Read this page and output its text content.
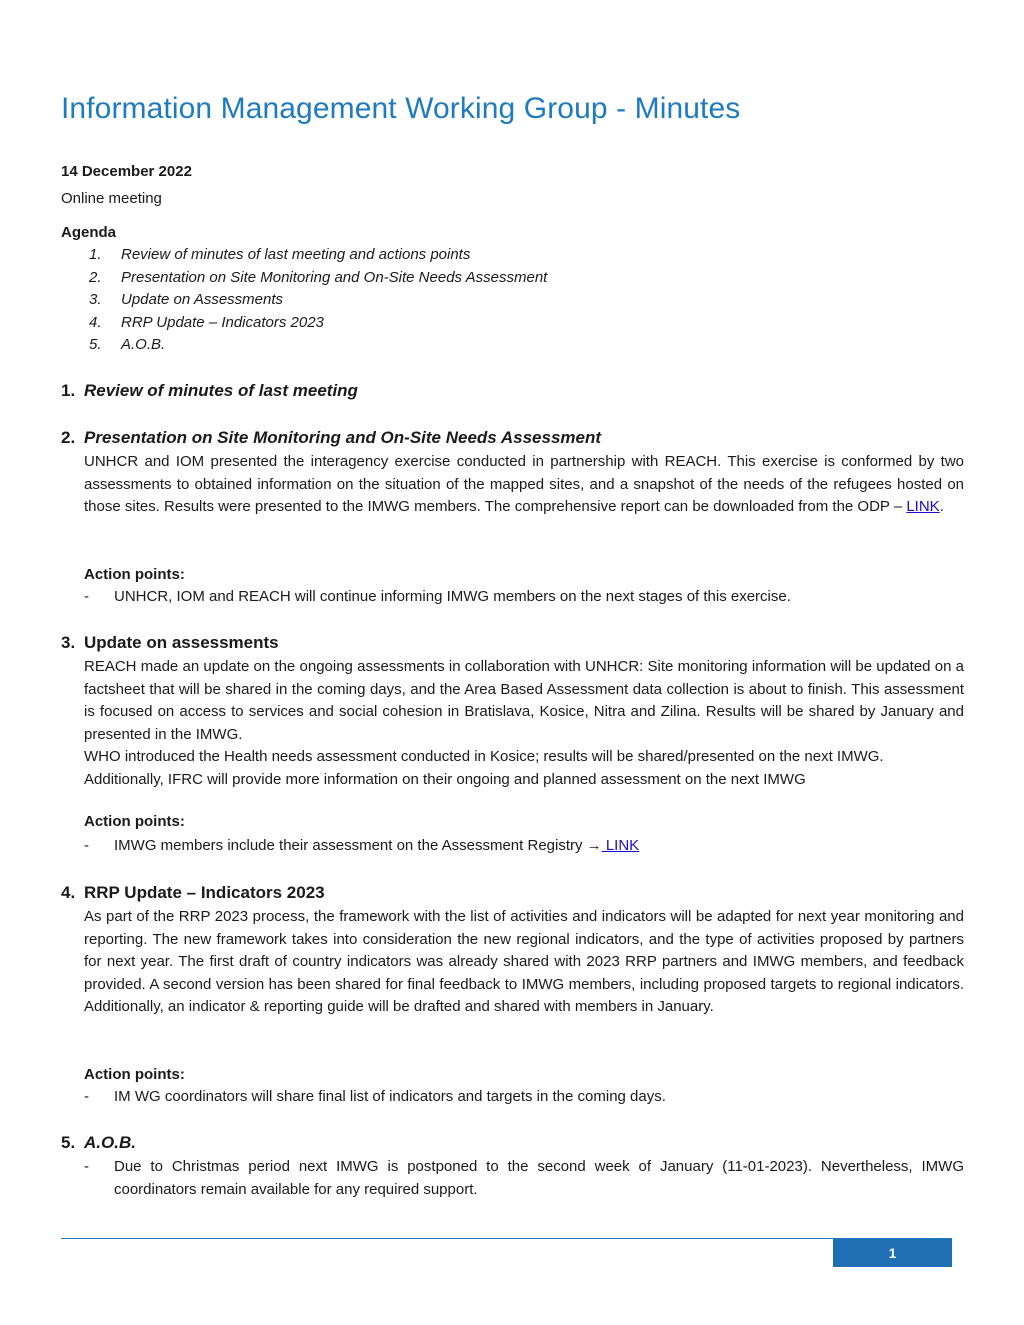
Information Management Working Group - Minutes
14 December 2022
Online meeting
Agenda
1. Review of minutes of last meeting and actions points
2. Presentation on Site Monitoring and On-Site Needs Assessment
3. Update on Assessments
4. RRP Update – Indicators 2023
5. A.O.B.
1. Review of minutes of last meeting
2. Presentation on Site Monitoring and On-Site Needs Assessment
UNHCR and IOM presented the interagency exercise conducted in partnership with REACH. This exercise is conformed by two assessments to obtained information on the situation of the mapped sites, and a snapshot of the needs of the refugees hosted on those sites. Results were presented to the IMWG members. The comprehensive report can be downloaded from the ODP – LINK.
Action points:
- UNHCR, IOM and REACH will continue informing IMWG members on the next stages of this exercise.
3. Update on assessments

REACH made an update on the ongoing assessments in collaboration with UNHCR: Site monitoring information will be updated on a factsheet that will be shared in the coming days, and the Area Based Assessment data collection is about to finish. This assessment is focused on access to services and social cohesion in Bratislava, Kosice, Nitra and Zilina. Results will be shared by January and presented in the IMWG.

WHO introduced the Health needs assessment conducted in Kosice; results will be shared/presented on the next IMWG. Additionally, IFRC will provide more information on their ongoing and planned assessment on the next IMWG

Action points:
- IMWG members include their assessment on the Assessment Registry → LINK
4. RRP Update – Indicators 2023
As part of the RRP 2023 process, the framework with the list of activities and indicators will be adapted for next year monitoring and reporting. The new framework takes into consideration the new regional indicators, and the type of activities proposed by partners for next year. The first draft of country indicators was already shared with 2023 RRP partners and IMWG members, and feedback provided. A second version has been shared for final feedback to IMWG members, including proposed targets to regional indicators. Additionally, an indicator & reporting guide will be drafted and shared with members in January.
Action points:
- IM WG coordinators will share final list of indicators and targets in the coming days.
5. A.O.B.
- Due to Christmas period next IMWG is postponed to the second week of January (11-01-2023). Nevertheless, IMWG coordinators remain available for any required support.
1
